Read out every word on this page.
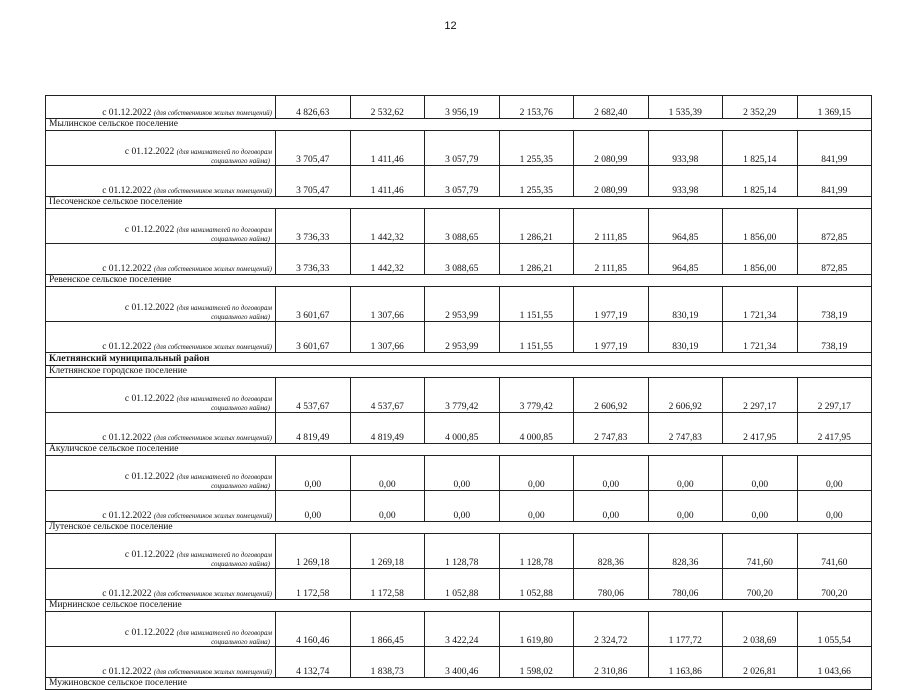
12
с 01.12.2022 (для собственников жилых помещений)	4 826,63	2 532,62	3 956,19	2 153,76	2 682,40	1 535,39	2 352,29	1 369,15
Мылинское сельское поселение								

с 01.12.2022 (для нанимателей по договорам
социального найма)	3 705,47	1 411,46	3 057,79	1 255,35	2 080,99	933,98	1 825,14	841,99

с 01.12.2022 (для собственников жилых помещений)	3 705,47	1 411,46	3 057,79	1 255,35	2 080,99	933,98	1 825,14	841,99
Песоченское сельское поселение								

с 01.12.2022 (для нанимателей по договорам
социального найма)	3 736,33	1 442,32	3 088,65	1 286,21	2 111,85	964,85	1 856,00	872,85

с 01.12.2022 (для собственников жилых помещений)	3 736,33	1 442,32	3 088,65	1 286,21	2 111,85	964,85	1 856,00	872,85
Ревенское сельское поселение								

с 01.12.2022 (для нанимателей по договорам
социального найма)	3 601,67	1 307,66	2 953,99	1 151,55	1 977,19	830,19	1 721,34	738,19

с 01.12.2022 (для собственников жилых помещений)	3 601,67	1 307,66	2 953,99	1 151,55	1 977,19	830,19	1 721,34	738,19
Клетнянский муниципальный район								
Клетнянское городское поселение								

с 01.12.2022 (для нанимателей по договорам
социального найма)	4 537,67	4 537,67	3 779,42	3 779,42	2 606,92	2 606,92	2 297,17	2 297,17

с 01.12.2022 (для собственников жилых помещений)	4 819,49	4 819,49	4 000,85	4 000,85	2 747,83	2 747,83	2 417,95	2 417,95
Акуличское сельское поселение								

с 01.12.2022 (для нанимателей по договорам
социального найма)	0,00	0,00	0,00	0,00	0,00	0,00	0,00	0,00

с 01.12.2022 (для собственников жилых помещений)	0,00	0,00	0,00	0,00	0,00	0,00	0,00	0,00
Лутенское сельское поселение								

с 01.12.2022 (для нанимателей по договорам
социального найма)	1 269,18	1 269,18	1 128,78	1 128,78	828,36	828,36	741,60	741,60

с 01.12.2022 (для собственников жилых помещений)	1 172,58	1 172,58	1 052,88	1 052,88	780,06	780,06	700,20	700,20
Мирнинское сельское поселение								

с 01.12.2022 (для нанимателей по договорам
социального найма)	4 160,46	1 866,45	3 422,24	1 619,80	2 324,72	1 177,72	2 038,69	1 055,54

с 01.12.2022 (для собственников жилых помещений)	4 132,74	1 838,73	3 400,46	1 598,02	2 310,86	1 163,86	2 026,81	1 043,66
Мужиновское сельское поселение								
